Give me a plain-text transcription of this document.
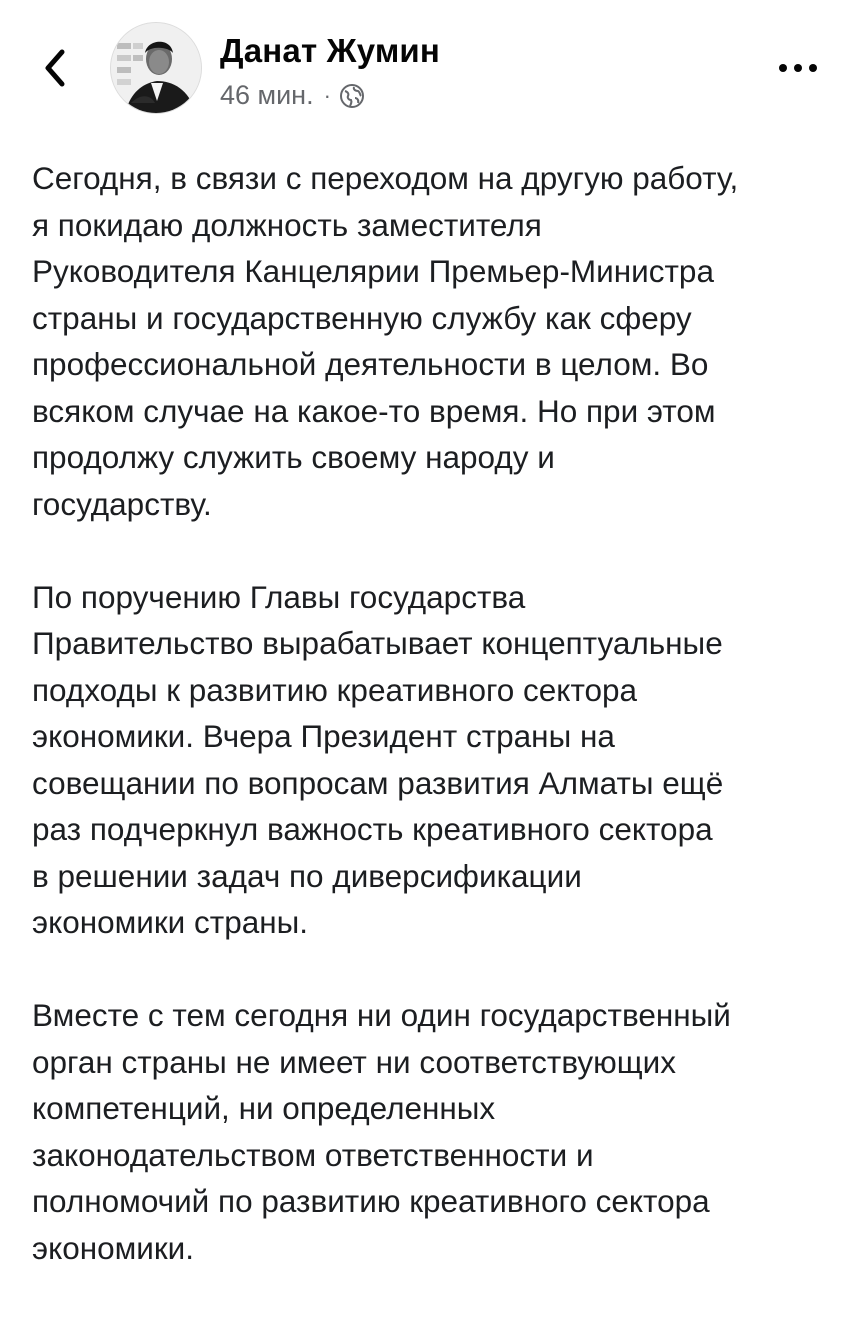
Данат Жумин
46 мин. ·

Сегодня, в связи с переходом на другую работу,
я покидаю должность заместителя
Руководителя Канцелярии Премьер-Министра
страны и государственную службу как сферу
профессиональной деятельности в целом. Во
всяком случае на какое-то время. Но при этом
продолжу служить своему народу и
государству.

По поручению Главы государства
Правительство вырабатывает концептуальные
подходы к развитию креативного сектора
экономики. Вчера Президент страны на
совещании по вопросам развития Алматы ещё
раз подчеркнул важность креативного сектора
в решении задач по диверсификации
экономики страны.

Вместе с тем сегодня ни один государственный
орган страны не имеет ни соответствующих
компетенций, ни определенных
законодательством ответственности и
полномочий по развитию креативного сектора
экономики.
